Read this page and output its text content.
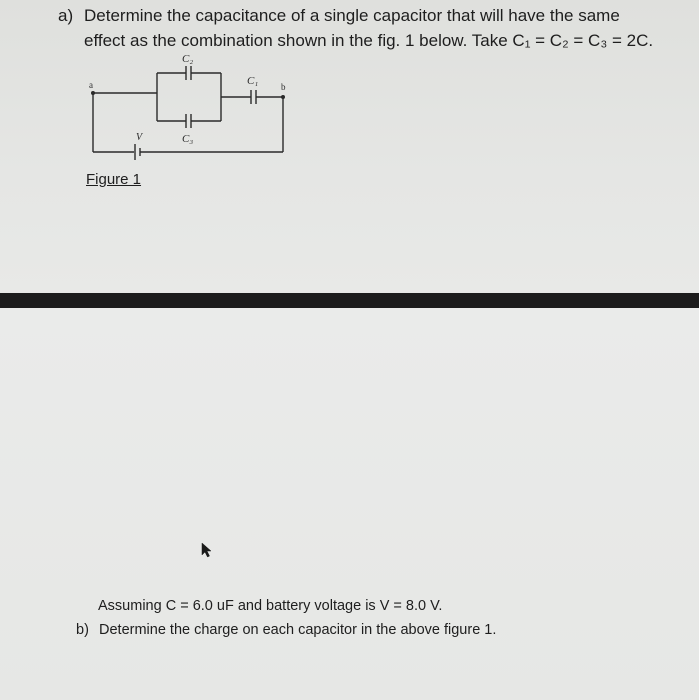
a) Determine the capacitance of a single capacitor that will have the same
effect as the combination shown in the fig. 1 below. Take C₁ = C₂ = C₃ = 2C.
a	b
C₂
C₁
C₃
V
Figure 1
Assuming C = 6.0 uF and battery voltage is V = 8.0 V.
b) Determine the charge on each capacitor in the above figure 1.
